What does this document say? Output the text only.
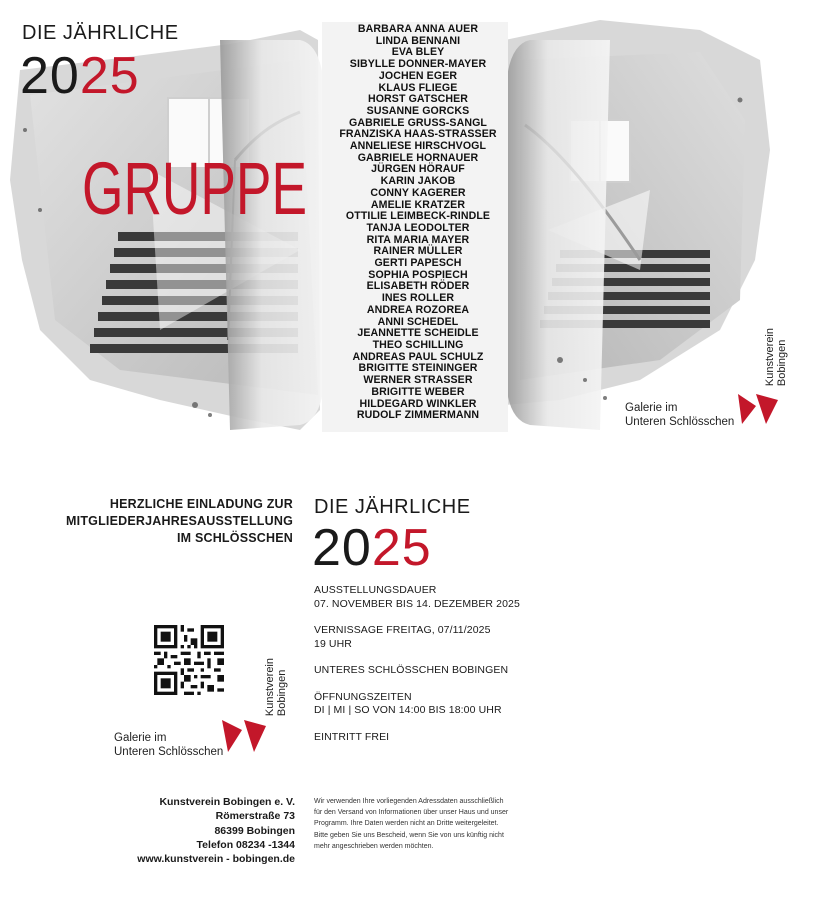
DIE JÄHRLICHE
2025
GRUPPE
BARBARA ANNA AUER
LINDA BENNANI
EVA BLEY
SIBYLLE DONNER-MAYER
JOCHEN EGER
KLAUS FLIEGE
HORST GATSCHER
SUSANNE GORCKS
GABRIELE GRUSS-SANGL
FRANZISKA HAAS-STRASSER
ANNELIESE HIRSCHVOGL
GABRIELE HORNAUER
JÜRGEN HÖRAUF
KARIN JAKOB
CONNY KAGERER
AMELIE KRATZER
OTTILIE LEIMBECK-RINDLE
TANJA LEODOLTER
RITA MARIA MAYER
RAINER MÜLLER
GERTI PAPESCH
SOPHIA POSPIECH
ELISABETH RÖDER
INES ROLLER
ANDREA ROZOREA
ANNI SCHEDEL
JEANNETTE SCHEIDLE
THEO SCHILLING
ANDREAS PAUL SCHULZ
BRIGITTE STEININGER
WERNER STRASSER
BRIGITTE WEBER
HILDEGARD WINKLER
RUDOLF ZIMMERMANN
Kunstverein
Bobingen
Galerie im
Unteren Schlösschen
HERZLICHE EINLADUNG ZUR
MITGLIEDERJAHRESAUSSTELLUNG
IM SCHLÖSSCHEN
DIE JÄHRLICHE
2025
AUSSTELLUNGSDAUER
07. NOVEMBER BIS 14. DEZEMBER 2025
VERNISSAGE FREITAG, 07/11/2025
19 UHR
UNTERES SCHLÖSSCHEN BOBINGEN
ÖFFNUNGSZEITEN
DI | MI | SO VON 14:00 BIS 18:00 UHR
EINTRITT FREI
Kunstverein
Bobingen
Galerie im
Unteren Schlösschen
Kunstverein Bobingen e. V.
Römerstraße 73
86399 Bobingen
Telefon 08234 -1344
www.kunstverein - bobingen.de
Wir verwenden Ihre vorliegenden Adressdaten ausschließlich
für den Versand von Informationen über unser Haus und unser
Programm. Ihre Daten werden nicht an Dritte weitergeleitet.
Bitte geben Sie uns Bescheid, wenn Sie von uns künftig nicht
mehr angeschrieben werden möchten.
